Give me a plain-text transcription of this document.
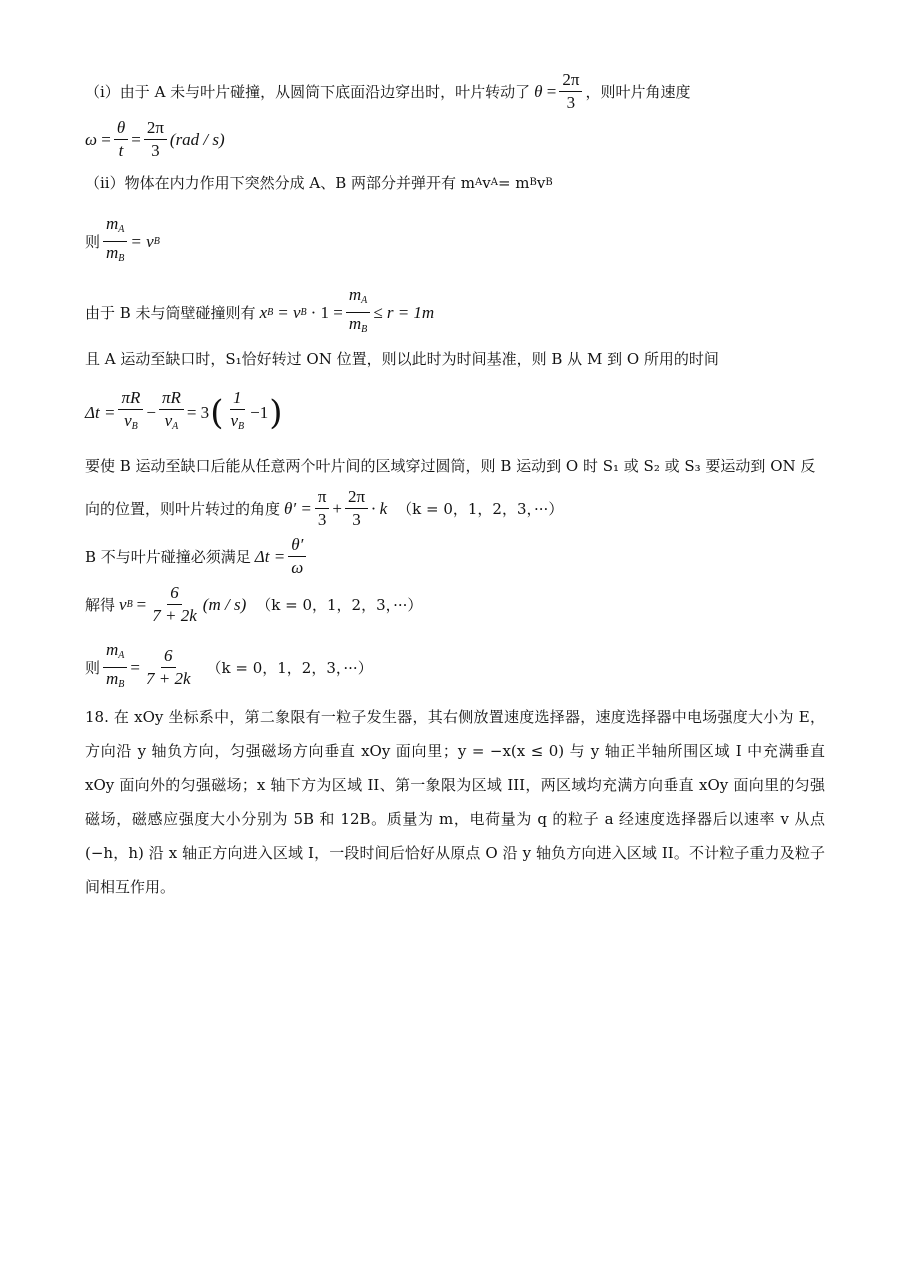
（i）由于 A 未与叶片碰撞，从圆筒下底面沿边穿出时，叶片转动了 $\theta = \frac{2\pi}{3}$ ，则叶片角速度
$\omega = \frac{\theta}{t} = \frac{2\pi}{3} (rad / s)$
（ii）物体在内力作用下突然分成 A、B 两部分并弹开有 m A v A = m B v B
则 $\frac{m_A}{m_B} = v$ B
由于 B 未与筒壁碰撞则有 x B = v $B \cdot 1 = \frac{m_A}{m_B} \le r = 1m$
且 A 运动至缺口时，S₁恰好转过 ON 位置，则以此时为时间基准，则 B 从 M 到 O 所用的时间
$\Delta t = \frac{\pi R}{v_B} - \frac{\pi R}{v_A} = 3$ ( $\frac{1}{v_B} -1$ )
要使 B 运动至缺口后能从任意两个叶片间的区域穿过圆筒，则 B 运动到 O 时 S₁ 或 S₂ 或 S₃ 要运动到 ON 反
向的位置，则叶片转过的角度 $\theta' = \frac{\pi}{3} + \frac{2\pi}{3} \cdot k$ （k = 0，1，2，3，···）
B 不与叶片碰撞必须满足 $\Delta t = \frac{\theta'}{\omega}$
解得 v $B = \frac{6}{7 + 2k} (m / s) (k = 0$，1，2，3，···）
则 $\frac{m_A}{m_B} = \frac{6}{7 + 2k} (k = 0$，1，2，3，···）
18. 在 xOy 坐标系中，第二象限有一粒子发生器，其右侧放置速度选择器，速度选择器中电场强度大小为 E，方向沿 y 轴负方向，匀强磁场方向垂直 xOy 面向里；y = −x(x ≤ 0) 与 y 轴正半轴所围区域 I 中充满垂直 xOy 面向外的匀强磁场；x 轴下方为区域 II、第一象限为区域 III，两区域均充满方向垂直 xOy 面向里的匀强磁场，磁感应强度大小分别为 5B 和 12B。质量为 m，电荷量为 q 的粒子 a 经速度选择器后以速率 v 从点 (−h，h) 沿 x 轴正方向进入区域 I，一段时间后恰好从原点 O 沿 y 轴负方向进入区域 II。不计粒子重力及粒子间相互作用。
